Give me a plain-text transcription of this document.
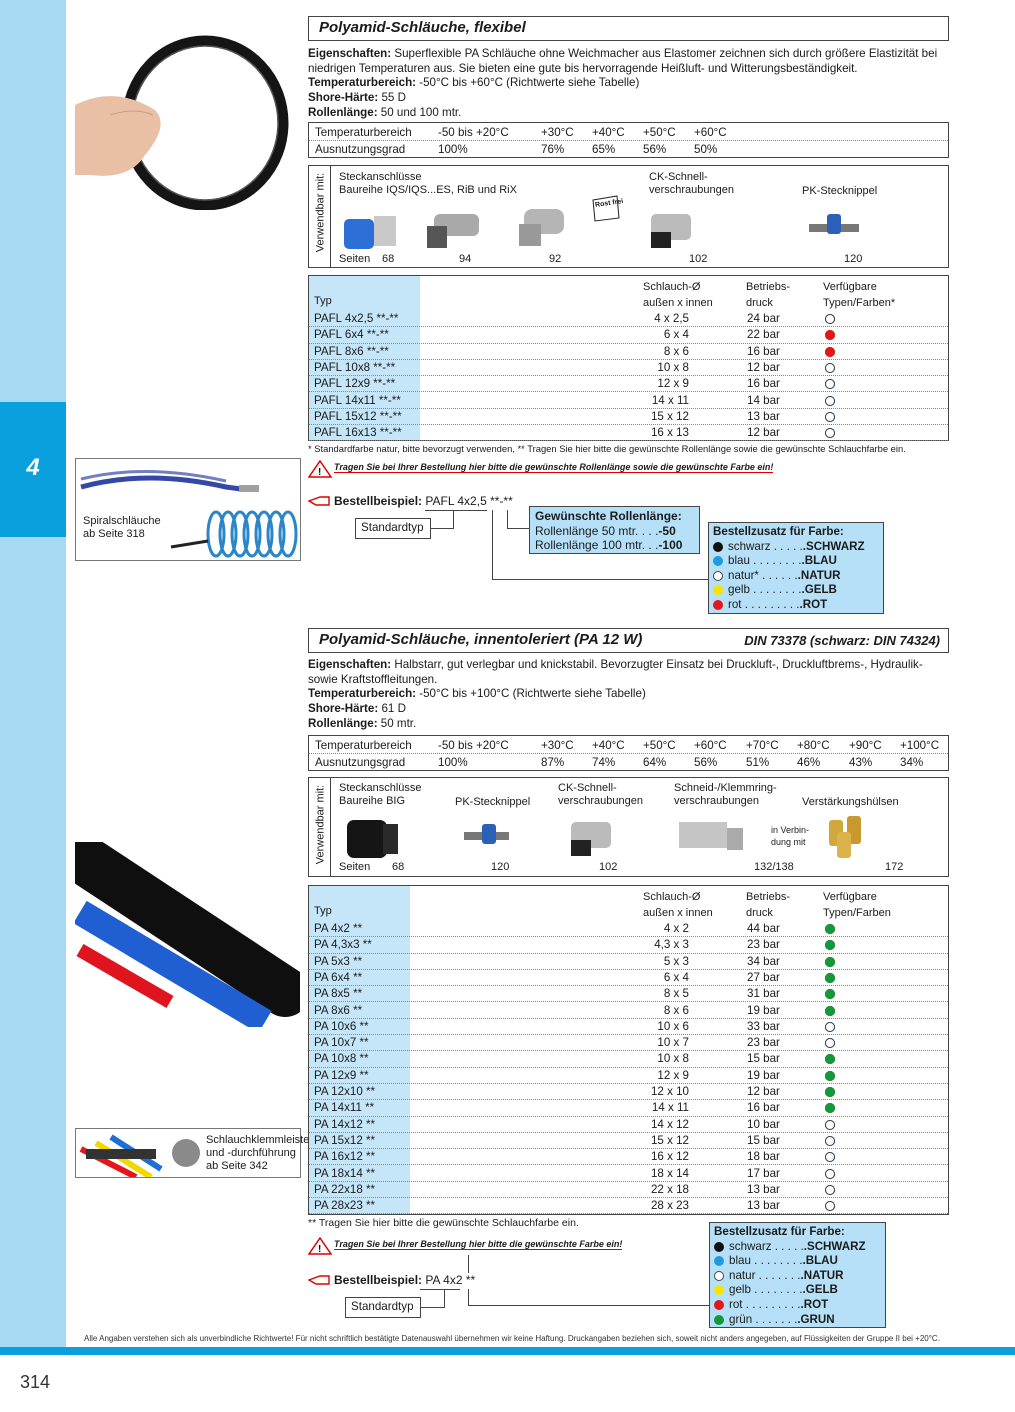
4
314
Alle Angaben verstehen sich als unverbindliche Richtwerte! Für nicht schriftlich bestätigte Datenauswahl übernehmen wir keine Haftung. Druckangaben beziehen sich, soweit nicht anders angegeben, auf Flüssigkeiten der Gruppe II bei +20°C.
Spiralschläuche
ab Seite 318
Polyamid-Schläuche, flexibel
Eigenschaften: Superflexible PA Schläuche ohne Weichmacher aus Elastomer zeichnen sich durch größere Elastizität bei niedrigen Temperaturen aus. Sie bieten eine gute bis hervorragende Heißluft- und Witterungsbeständigkeit.
Temperaturbereich: -50°C bis +60°C (Richtwerte siehe Tabelle)
Shore-Härte: 55 D
Rollenlänge: 50 und 100 mtr.
Temperaturbereich -50 bis +20°C	+30°C +40°C +50°C +60°C
Ausnutzungsgrad	100%	76% 65% 56% 50%
Verwendbar mit: Steckanschlüsse
Baureihe IQS/IQS...ES, RiB und RiX
CK-Schnell-
verschraubungen	PK-Stecknippel
Rost frei
Seiten 68	94	92	102	120
Typ
Schlauch-Ø
außen x innen
Betriebs-
druck
Verfügbare
Typen/Farben*
PAFL 4x2,5 **-**	4 x 2,5	24 bar
PAFL 6x4 **-**	6 x 4	22 bar
PAFL 8x6 **-**	8 x 6	16 bar
PAFL 10x8 **-**	10 x 8	12 bar
PAFL 12x9 **-**	12 x 9	16 bar
PAFL 14x11 **-**	14 x 11	14 bar
PAFL 15x12 **-**	15 x 12	13 bar
PAFL 16x13 **-**	16 x 13	12 bar
* Standardfarbe natur, bitte bevorzugt verwenden, ** Tragen Sie hier bitte die gewünschte Rollenlänge sowie die gewünschte Schlauchfarbe ein.
! Tragen Sie bei Ihrer Bestellung hier bitte die gewünschte Rollenlänge sowie die gewünschte Farbe ein!
Bestellbeispiel: PAFL 4x2,5 **-**
Standardtyp
Gewünschte Rollenlänge:
Rollenlänge 50 mtr. . . .-50
Rollenlänge 100 mtr. . .-100
Bestellzusatz für Farbe:
schwarz . . . . ..SCHWARZ
blau . . . . . . . ..BLAU
natur* . . . . . ..NATUR
gelb . . . . . . . ..GELB
rot . . . . . . . . ..ROT
Polyamid-Schläuche, innentoleriert (PA 12 W)	DIN 73378 (schwarz: DIN 74324)
Eigenschaften: Halbstarr, gut verlegbar und knickstabil. Bevorzugter Einsatz bei Druckluft-, Druckluftbrems-, Hydraulik- sowie Kraftstoffleitungen.
Temperaturbereich: -50°C bis +100°C (Richtwerte siehe Tabelle)
Shore-Härte: 61 D
Rollenlänge: 50 mtr.
Temperaturbereich -50 bis +20°C	+30°C +40°C +50°C +60°C +70°C +80°C +90°C +100°C
Ausnutzungsgrad	100%	87% 74% 64% 56% 51% 46% 43% 34%
Verwendbar mit: Steckanschlüsse
Baureihe BIG	PK-Stecknippel
CK-Schnell-
verschraubungen
Schneid-/Klemmring-
verschraubungen	Verstärkungshülsen
in Verbin-
dung mit
Seiten 68	120	102	132/138	172
Typ
Schlauch-Ø
außen x innen
Betriebs-
druck
Verfügbare
Typen/Farben
PA 4x2 **	4 x 2	44 bar
PA 4,3x3 **	4,3 x 3	23 bar
PA 5x3 **	5 x 3	34 bar
PA 6x4 **	6 x 4	27 bar
PA 8x5 **	8 x 5	31 bar
PA 8x6 **	8 x 6	19 bar
PA 10x6 **	10 x 6	33 bar
PA 10x7 **	10 x 7	23 bar
PA 10x8 **	10 x 8	15 bar
PA 12x9 **	12 x 9	19 bar
PA 12x10 **	12 x 10	12 bar
PA 14x11 **	14 x 11	16 bar
PA 14x12 **	14 x 12	10 bar
PA 15x12 **	15 x 12	15 bar
PA 16x12 **	16 x 12	18 bar
PA 18x14 **	18 x 14	17 bar
PA 22x18 **	22 x 18	13 bar
PA 28x23 **	28 x 23	13 bar
Schlauchklemmleiste
und -durchführung
ab Seite 342
** Tragen Sie hier bitte die gewünschte Schlauchfarbe ein.
! Tragen Sie bei Ihrer Bestellung hier bitte die gewünschte Farbe ein!
Bestellbeispiel: PA 4x2 **
Standardtyp
Bestellzusatz für Farbe:
schwarz . . . . ..SCHWARZ
blau . . . . . . . ..BLAU
natur . . . . . . ..NATUR
gelb . . . . . . . ..GELB
rot . . . . . . . . ..ROT
grün . . . . . . ..GRUN
